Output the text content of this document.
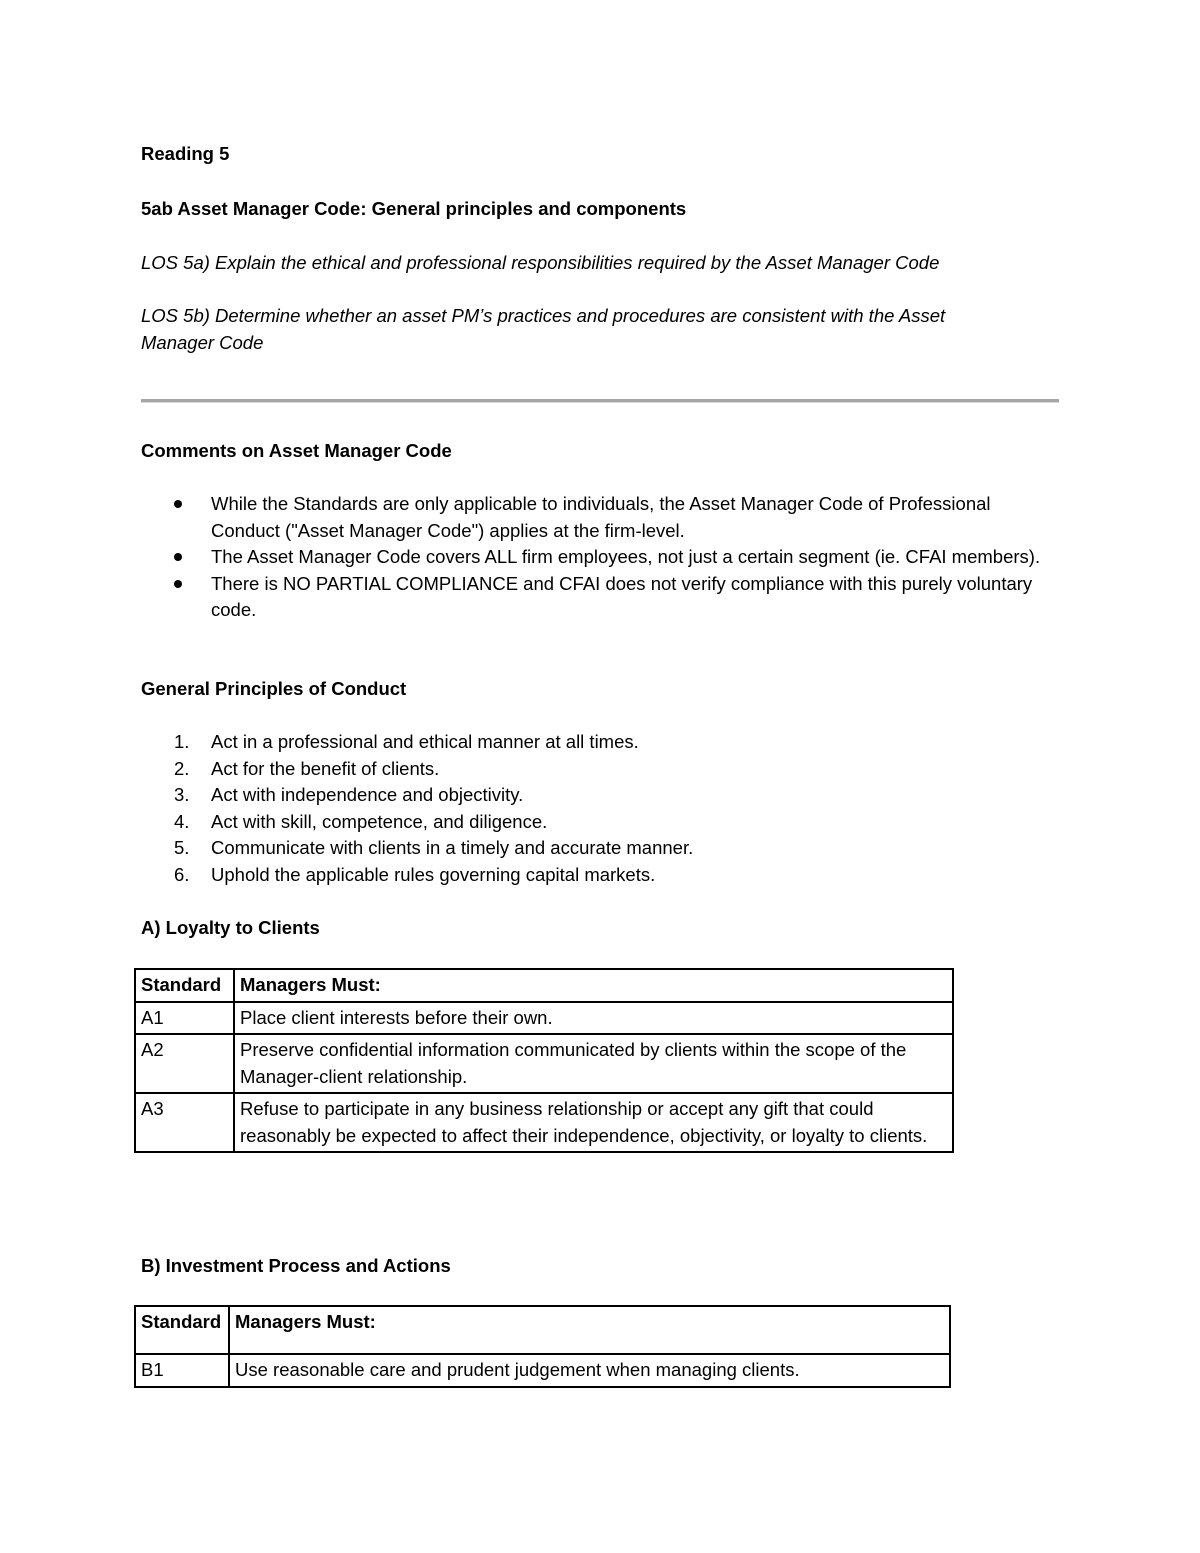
Reading 5

5ab Asset Manager Code: General principles and components

LOS 5a) Explain the ethical and professional responsibilities required by the Asset Manager Code

LOS 5b) Determine whether an asset PM’s practices and procedures are consistent with the Asset Manager Code

Comments on Asset Manager Code

While the Standards are only applicable to individuals, the Asset Manager Code of Professional Conduct ("Asset Manager Code") applies at the firm-level.
The Asset Manager Code covers ALL firm employees, not just a certain segment (ie. CFAI members).
There is NO PARTIAL COMPLIANCE and CFAI does not verify compliance with this purely voluntary code.

General Principles of Conduct

1. Act in a professional and ethical manner at all times.
2. Act for the benefit of clients.
3. Act with independence and objectivity.
4. Act with skill, competence, and diligence.
5. Communicate with clients in a timely and accurate manner.
6. Uphold the applicable rules governing capital markets.

A) Loyalty to Clients

Standard	Managers Must:
A1	Place client interests before their own.
A2	Preserve confidential information communicated by clients within the scope of the Manager-client relationship.
A3	Refuse to participate in any business relationship or accept any gift that could reasonably be expected to affect their independence, objectivity, or loyalty to clients.

B) Investment Process and Actions

Standard	Managers Must:
B1	Use reasonable care and prudent judgement when managing clients.
